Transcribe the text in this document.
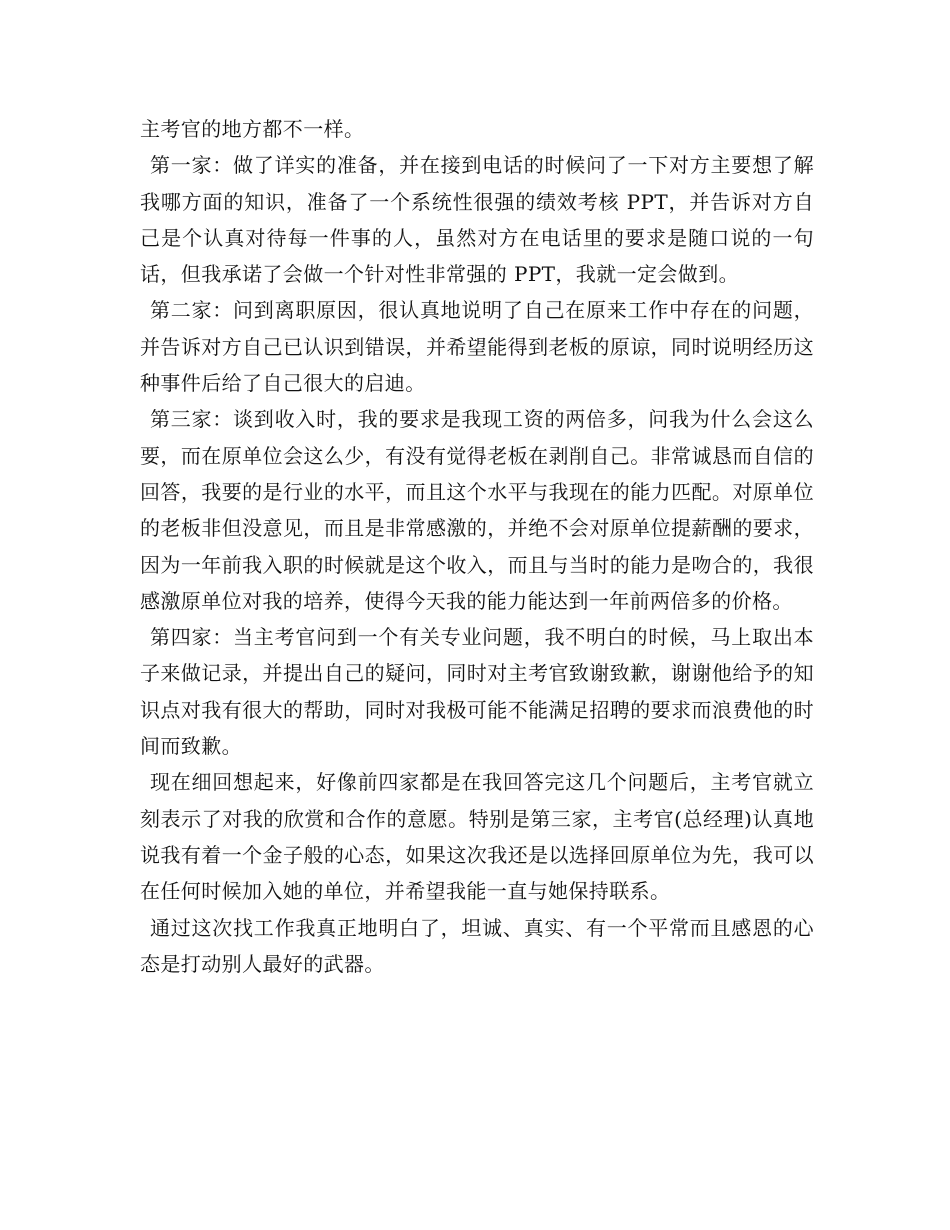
主考官的地方都不一样。

第一家：做了详实的准备，并在接到电话的时候问了一下对方主要想了解我哪方面的知识，准备了一个系统性很强的绩效考核 PPT，并告诉对方自己是个认真对待每一件事的人，虽然对方在电话里的要求是随口说的一句话，但我承诺了会做一个针对性非常强的 PPT，我就一定会做到。

第二家：问到离职原因，很认真地说明了自己在原来工作中存在的问题，并告诉对方自己已认识到错误，并希望能得到老板的原谅，同时说明经历这种事件后给了自己很大的启迪。

第三家：谈到收入时，我的要求是我现工资的两倍多，问我为什么会这么要，而在原单位会这么少，有没有觉得老板在剥削自己。非常诚恳而自信的回答，我要的是行业的水平，而且这个水平与我现在的能力匹配。对原单位的老板非但没意见，而且是非常感激的，并绝不会对原单位提薪酬的要求，因为一年前我入职的时候就是这个收入，而且与当时的能力是吻合的，我很感激原单位对我的培养，使得今天我的能力能达到一年前两倍多的价格。

第四家：当主考官问到一个有关专业问题，我不明白的时候，马上取出本子来做记录，并提出自己的疑问，同时对主考官致谢致歉，谢谢他给予的知识点对我有很大的帮助，同时对我极可能不能满足招聘的要求而浪费他的时间而致歉。

现在细回想起来，好像前四家都是在我回答完这几个问题后，主考官就立刻表示了对我的欣赏和合作的意愿。特别是第三家，主考官(总经理)认真地说我有着一个金子般的心态，如果这次我还是以选择回原单位为先，我可以在任何时候加入她的单位，并希望我能一直与她保持联系。

通过这次找工作我真正地明白了，坦诚、真实、有一个平常而且感恩的心态是打动别人最好的武器。
